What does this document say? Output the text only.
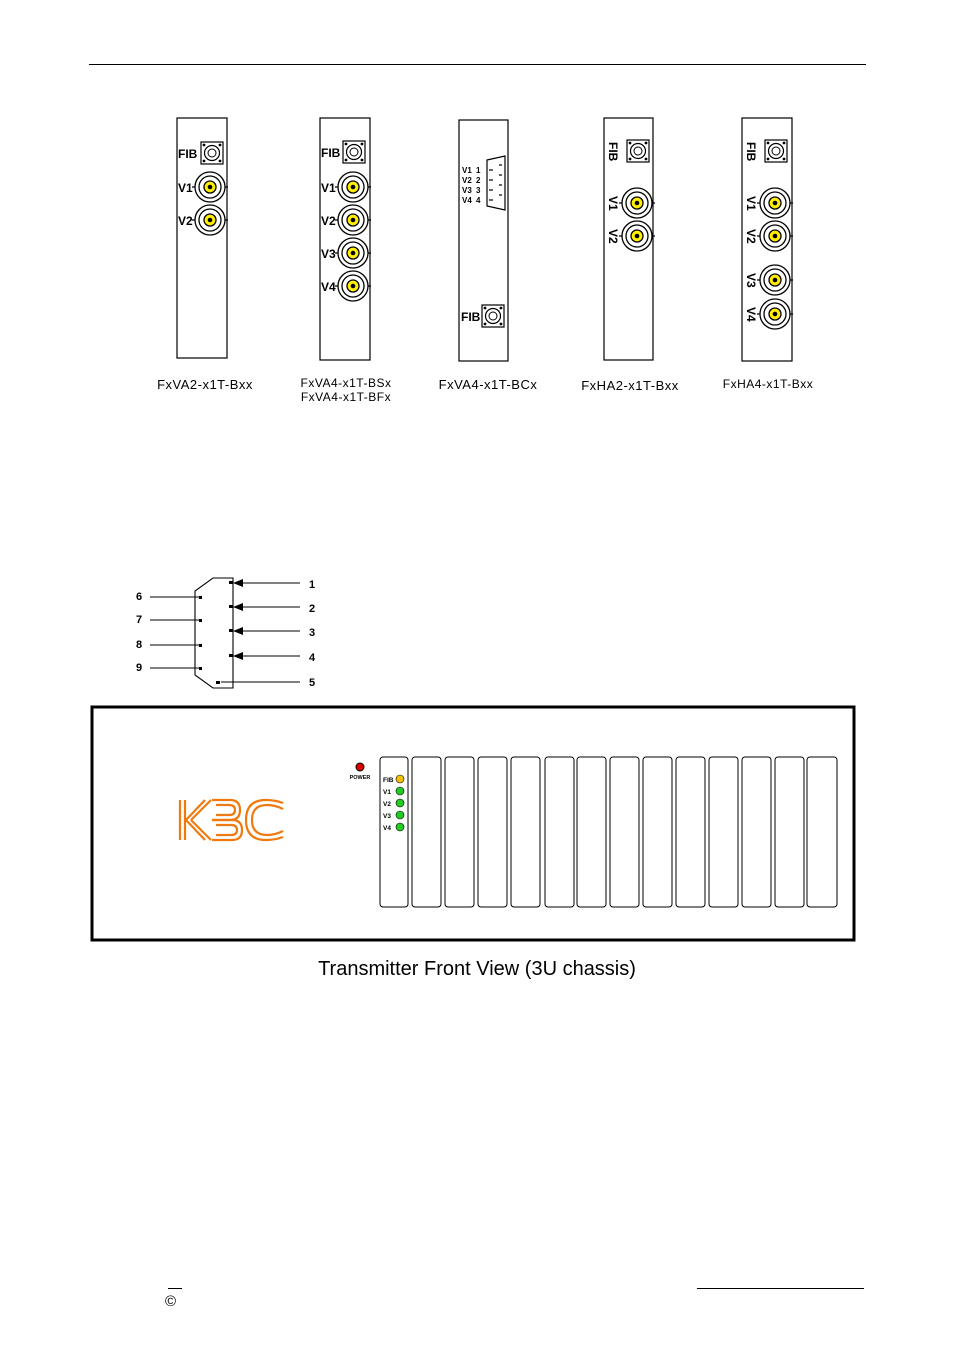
FIB
V1
V2
FxVA2-x1T-Bxx
FIB
V1
V2
V3
V4
FxVA4-x1T-BSx
FxVA4-x1T-BFx
V1 1
V2 2
V3 3
V4 4
FIB
FxVA4-x1T-BCx
FIB
V1
V2
FxHA2-x1T-Bxx
FIB
V1
V2
V3
V4
FxHA4-x1T-Bxx
1
2
3
4
5
6
7
8
9
POWER FIB
V1
V2
V3
V4
Transmitter Front View (3U chassis)
©
